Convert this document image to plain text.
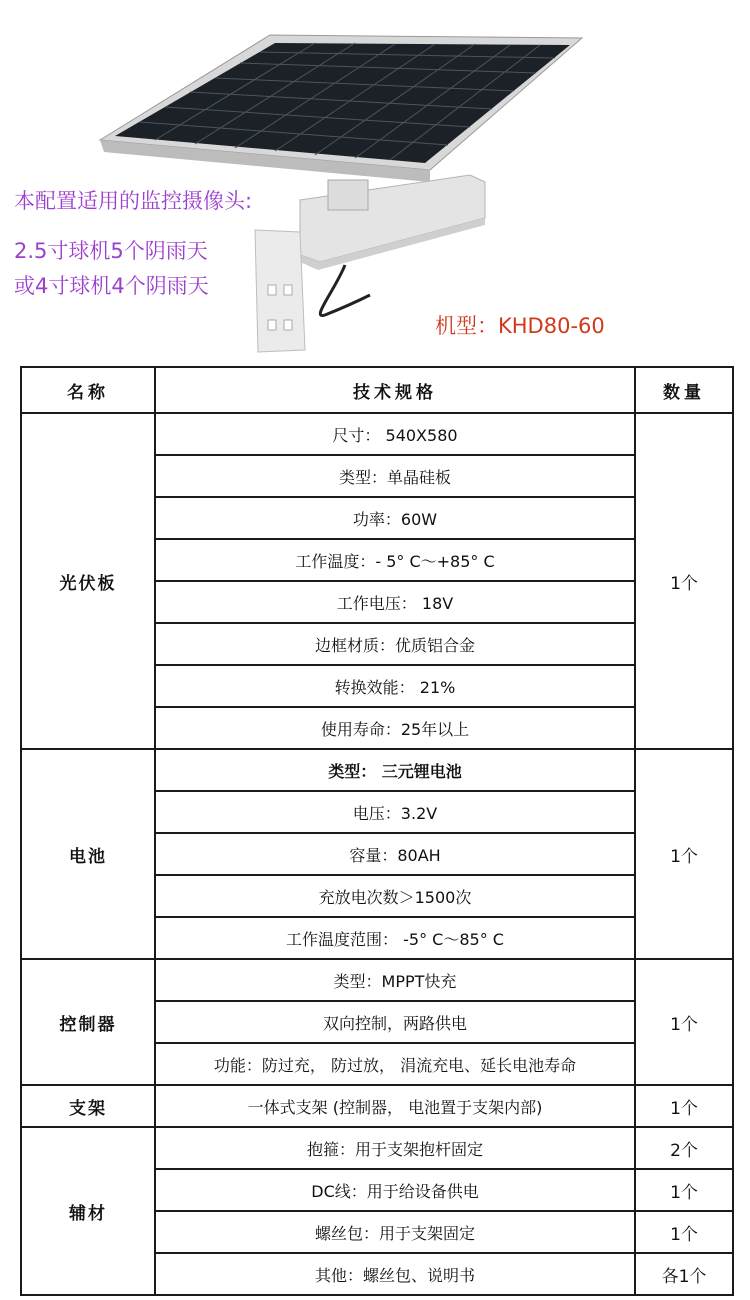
本配置适用的监控摄像头:
2.5寸球机5个阴雨天
或4寸球机4个阴雨天
机型：KHD80-60
名称	技术规格	数量
光伏板	尺寸： 540X580	1个
	类型：单晶硅板	
	功率：60W	
	工作温度：- 5° C〜+85° C	
	工作电压： 18V	
	边框材质：优质铝合金	
	转换效能： 21%	
	使用寿命：25年以上	
电池	类型： 三元锂电池	1个
	电压：3.2V	
	容量：80AH	
	充放电次数＞1500次	
	工作温度范围： -5° C〜85° C	
控制器	类型：MPPT快充	1个
	双向控制，两路供电	
	功能：防过充， 防过放， 涓流充电、延长电池寿命	
支架	一体式支架 (控制器， 电池置于支架内部)	1个
辅材	抱箍：用于支架抱杆固定	2个
	DC线：用于给设备供电	1个
	螺丝包：用于支架固定	1个
	其他：螺丝包、说明书	各1个
